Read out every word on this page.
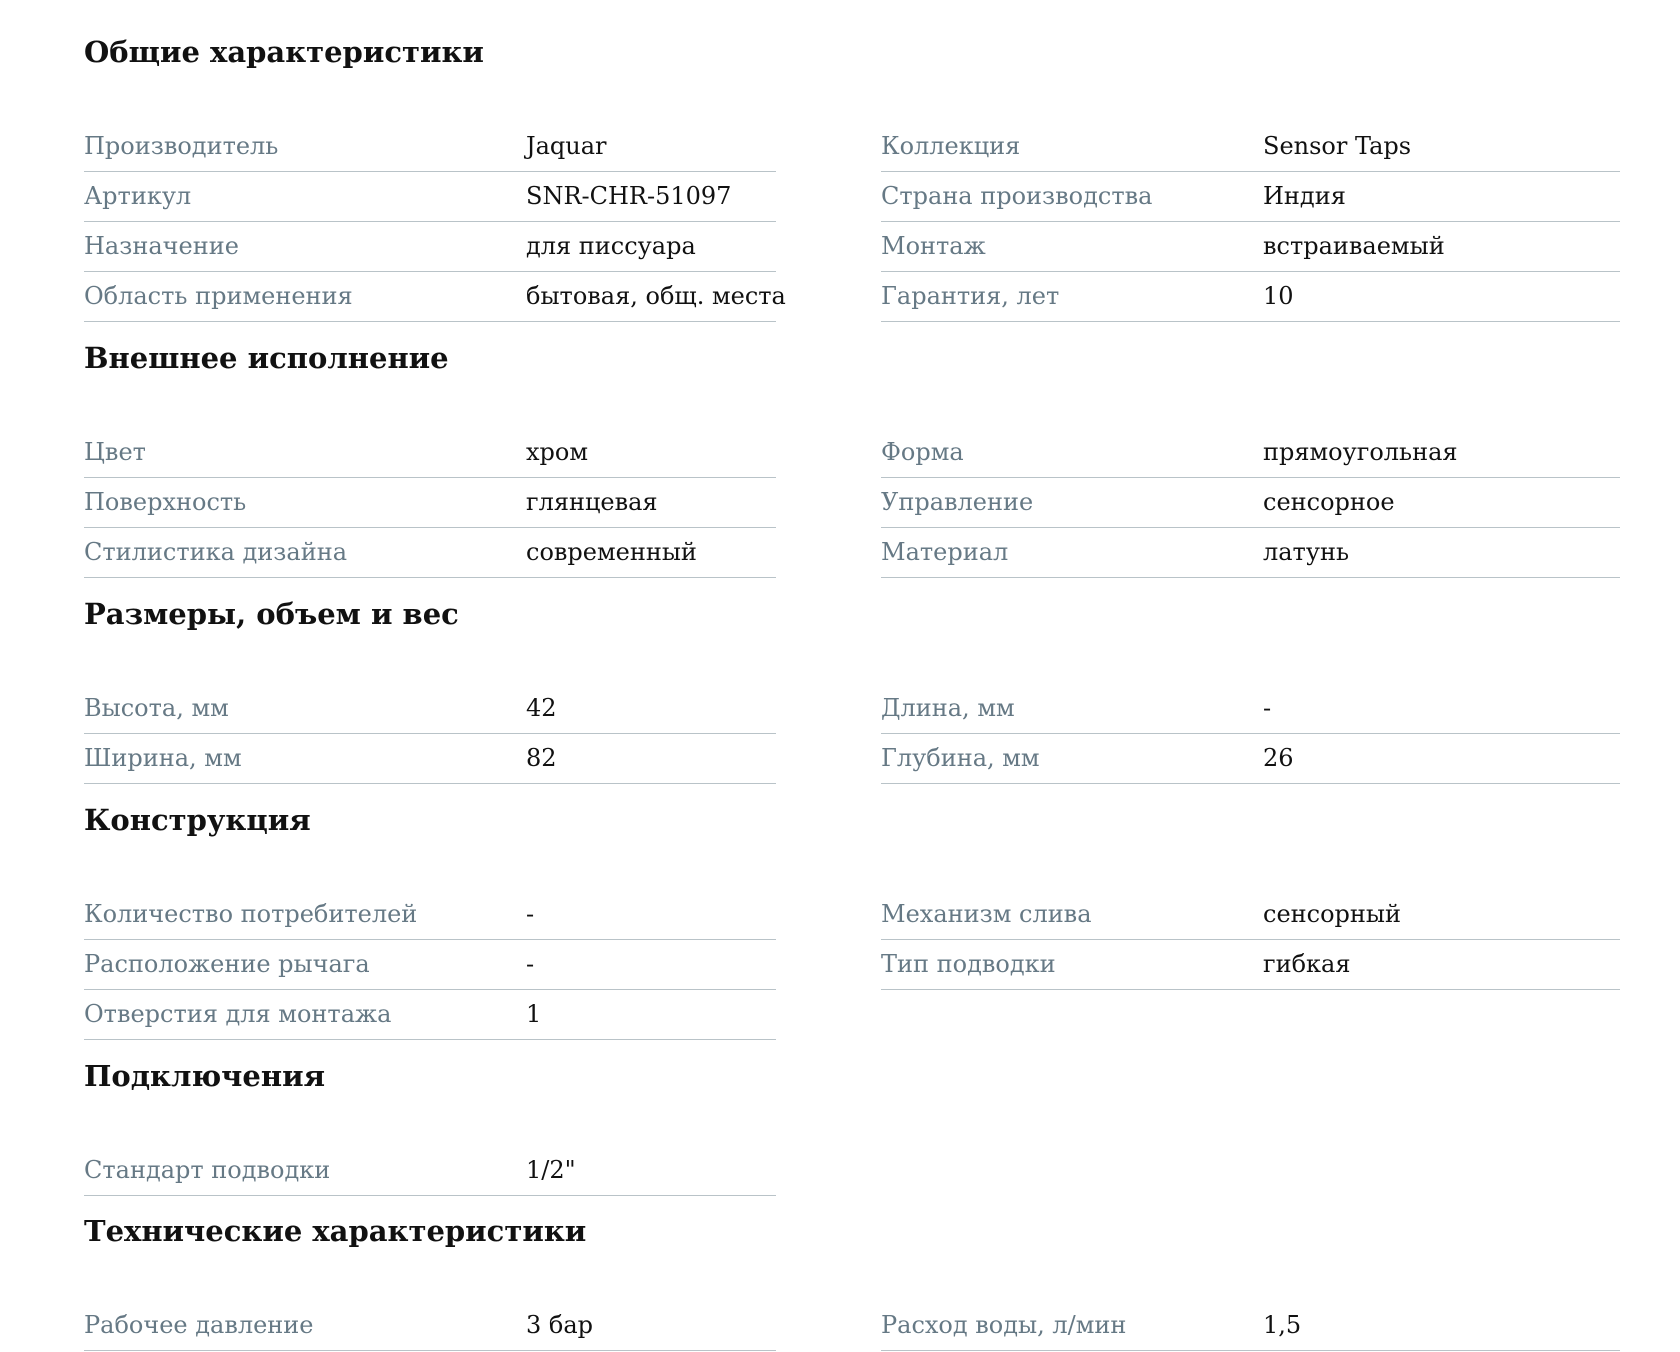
Общие характеристики
Производитель	Jaquar
Артикул	SNR-CHR-51097
Назначение	для писсуара
Область применения	бытовая, общ. места
Коллекция	Sensor Taps
Страна производства	Индия
Монтаж	встраиваемый
Гарантия, лет	10
Внешнее исполнение
Цвет	хром
Поверхность	глянцевая
Стилистика дизайна	современный
Форма	прямоугольная
Управление	сенсорное
Материал	латунь
Размеры, объем и вес
Высота, мм	42
Ширина, мм	82
Длина, мм	-
Глубина, мм	26
Конструкция
Количество потребителей	-
Расположение рычага	-
Отверстия для монтажа	1
Механизм слива	сенсорный
Тип подводки	гибкая
Подключения
Стандарт подводки	1/2"
Технические характеристики
Рабочее давление	3 бар	Расход воды, л/мин	1,5
